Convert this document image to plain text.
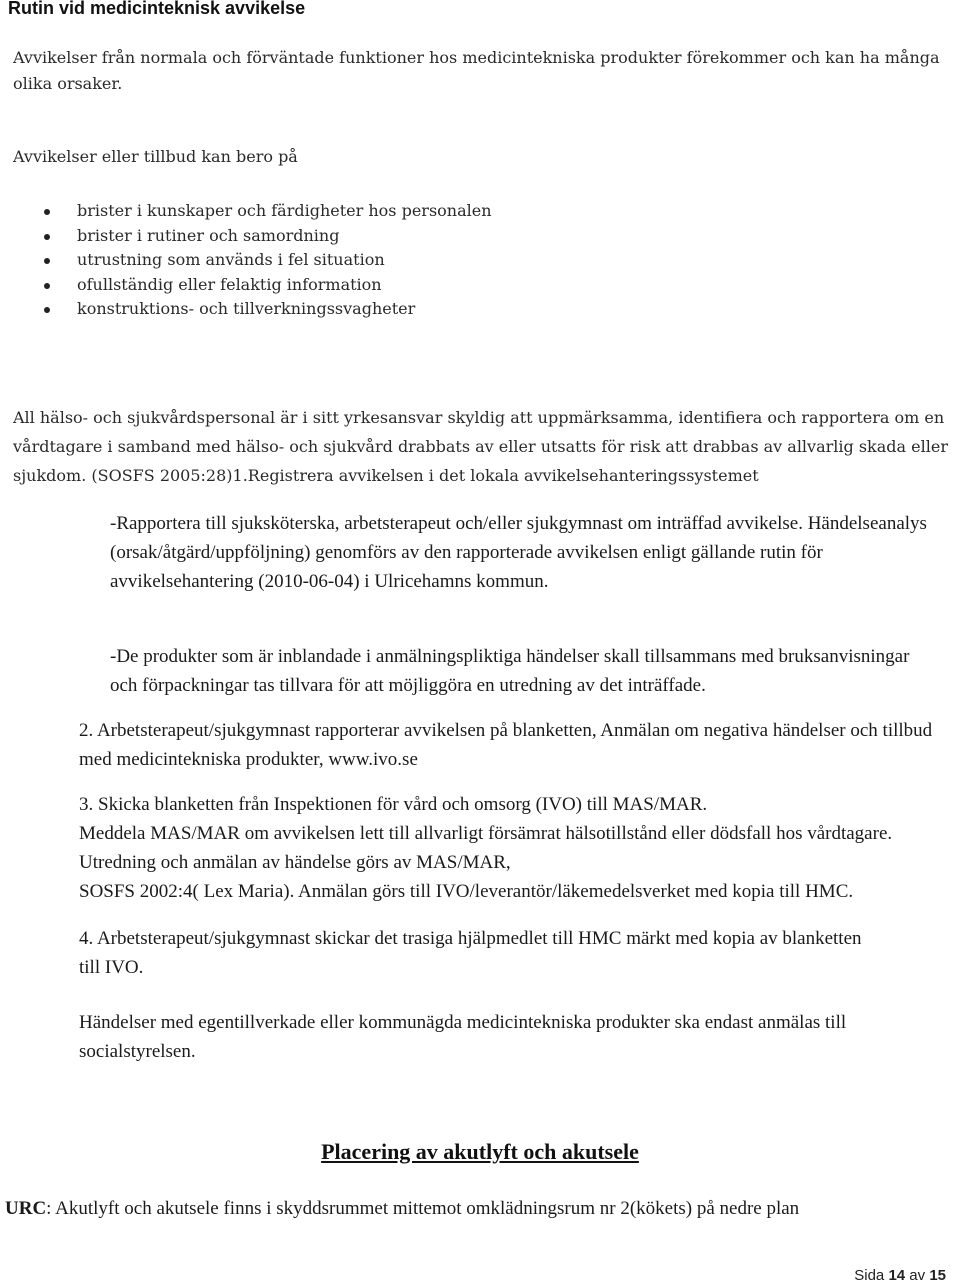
Rutin vid medicinteknisk avvikelse

Avvikelser från normala och förväntade funktioner hos medicintekniska produkter förekommer och kan ha många olika orsaker.

Avvikelser eller tillbud kan bero på

brister i kunskaper och färdigheter hos personalen
brister i rutiner och samordning
utrustning som används i fel situation
ofullständig eller felaktig information
konstruktions- och tillverkningssvagheter

All hälso- och sjukvårdspersonal är i sitt yrkesansvar skyldig att uppmärksamma, identifiera och rapportera om en vårdtagare i samband med hälso- och sjukvård drabbats av eller utsatts för risk att drabbas av allvarlig skada eller sjukdom. (SOSFS 2005:28)1.Registrera avvikelsen i det lokala avvikelsehanteringssystemet

-Rapportera till sjuksköterska, arbetsterapeut och/eller sjukgymnast om inträffad avvikelse. Händelseanalys (orsak/åtgärd/uppföljning) genomförs av den rapporterade avvikelsen enligt gällande rutin för avvikelsehantering (2010-06-04) i Ulricehamns kommun.

-De produkter som är inblandade i anmälningspliktiga händelser skall tillsammans med bruksanvisningar och förpackningar tas tillvara för att möjliggöra en utredning av det inträffade.

2. Arbetsterapeut/sjukgymnast rapporterar avvikelsen på blanketten, Anmälan om negativa händelser och tillbud med medicintekniska produkter, www.ivo.se

3. Skicka blanketten från Inspektionen för vård och omsorg (IVO) till MAS/MAR.
Meddela MAS/MAR om avvikelsen lett till allvarligt försämrat hälsotillstånd eller dödsfall hos vårdtagare. Utredning och anmälan av händelse görs av MAS/MAR,
SOSFS 2002:4( Lex Maria). Anmälan görs till IVO/leverantör/läkemedelsverket med kopia till HMC.

4. Arbetsterapeut/sjukgymnast skickar det trasiga hjälpmedlet till HMC märkt med kopia av blanketten till IVO.

Händelser med egentillverkade eller kommunägda medicintekniska produkter ska endast anmälas till socialstyrelsen.

Placering av akutlyft och akutsele

URC: Akutlyft och akutsele finns i skyddsrummet mittemot omklädningsrum nr 2(kökets) på nedre plan

Sida 14 av 15
